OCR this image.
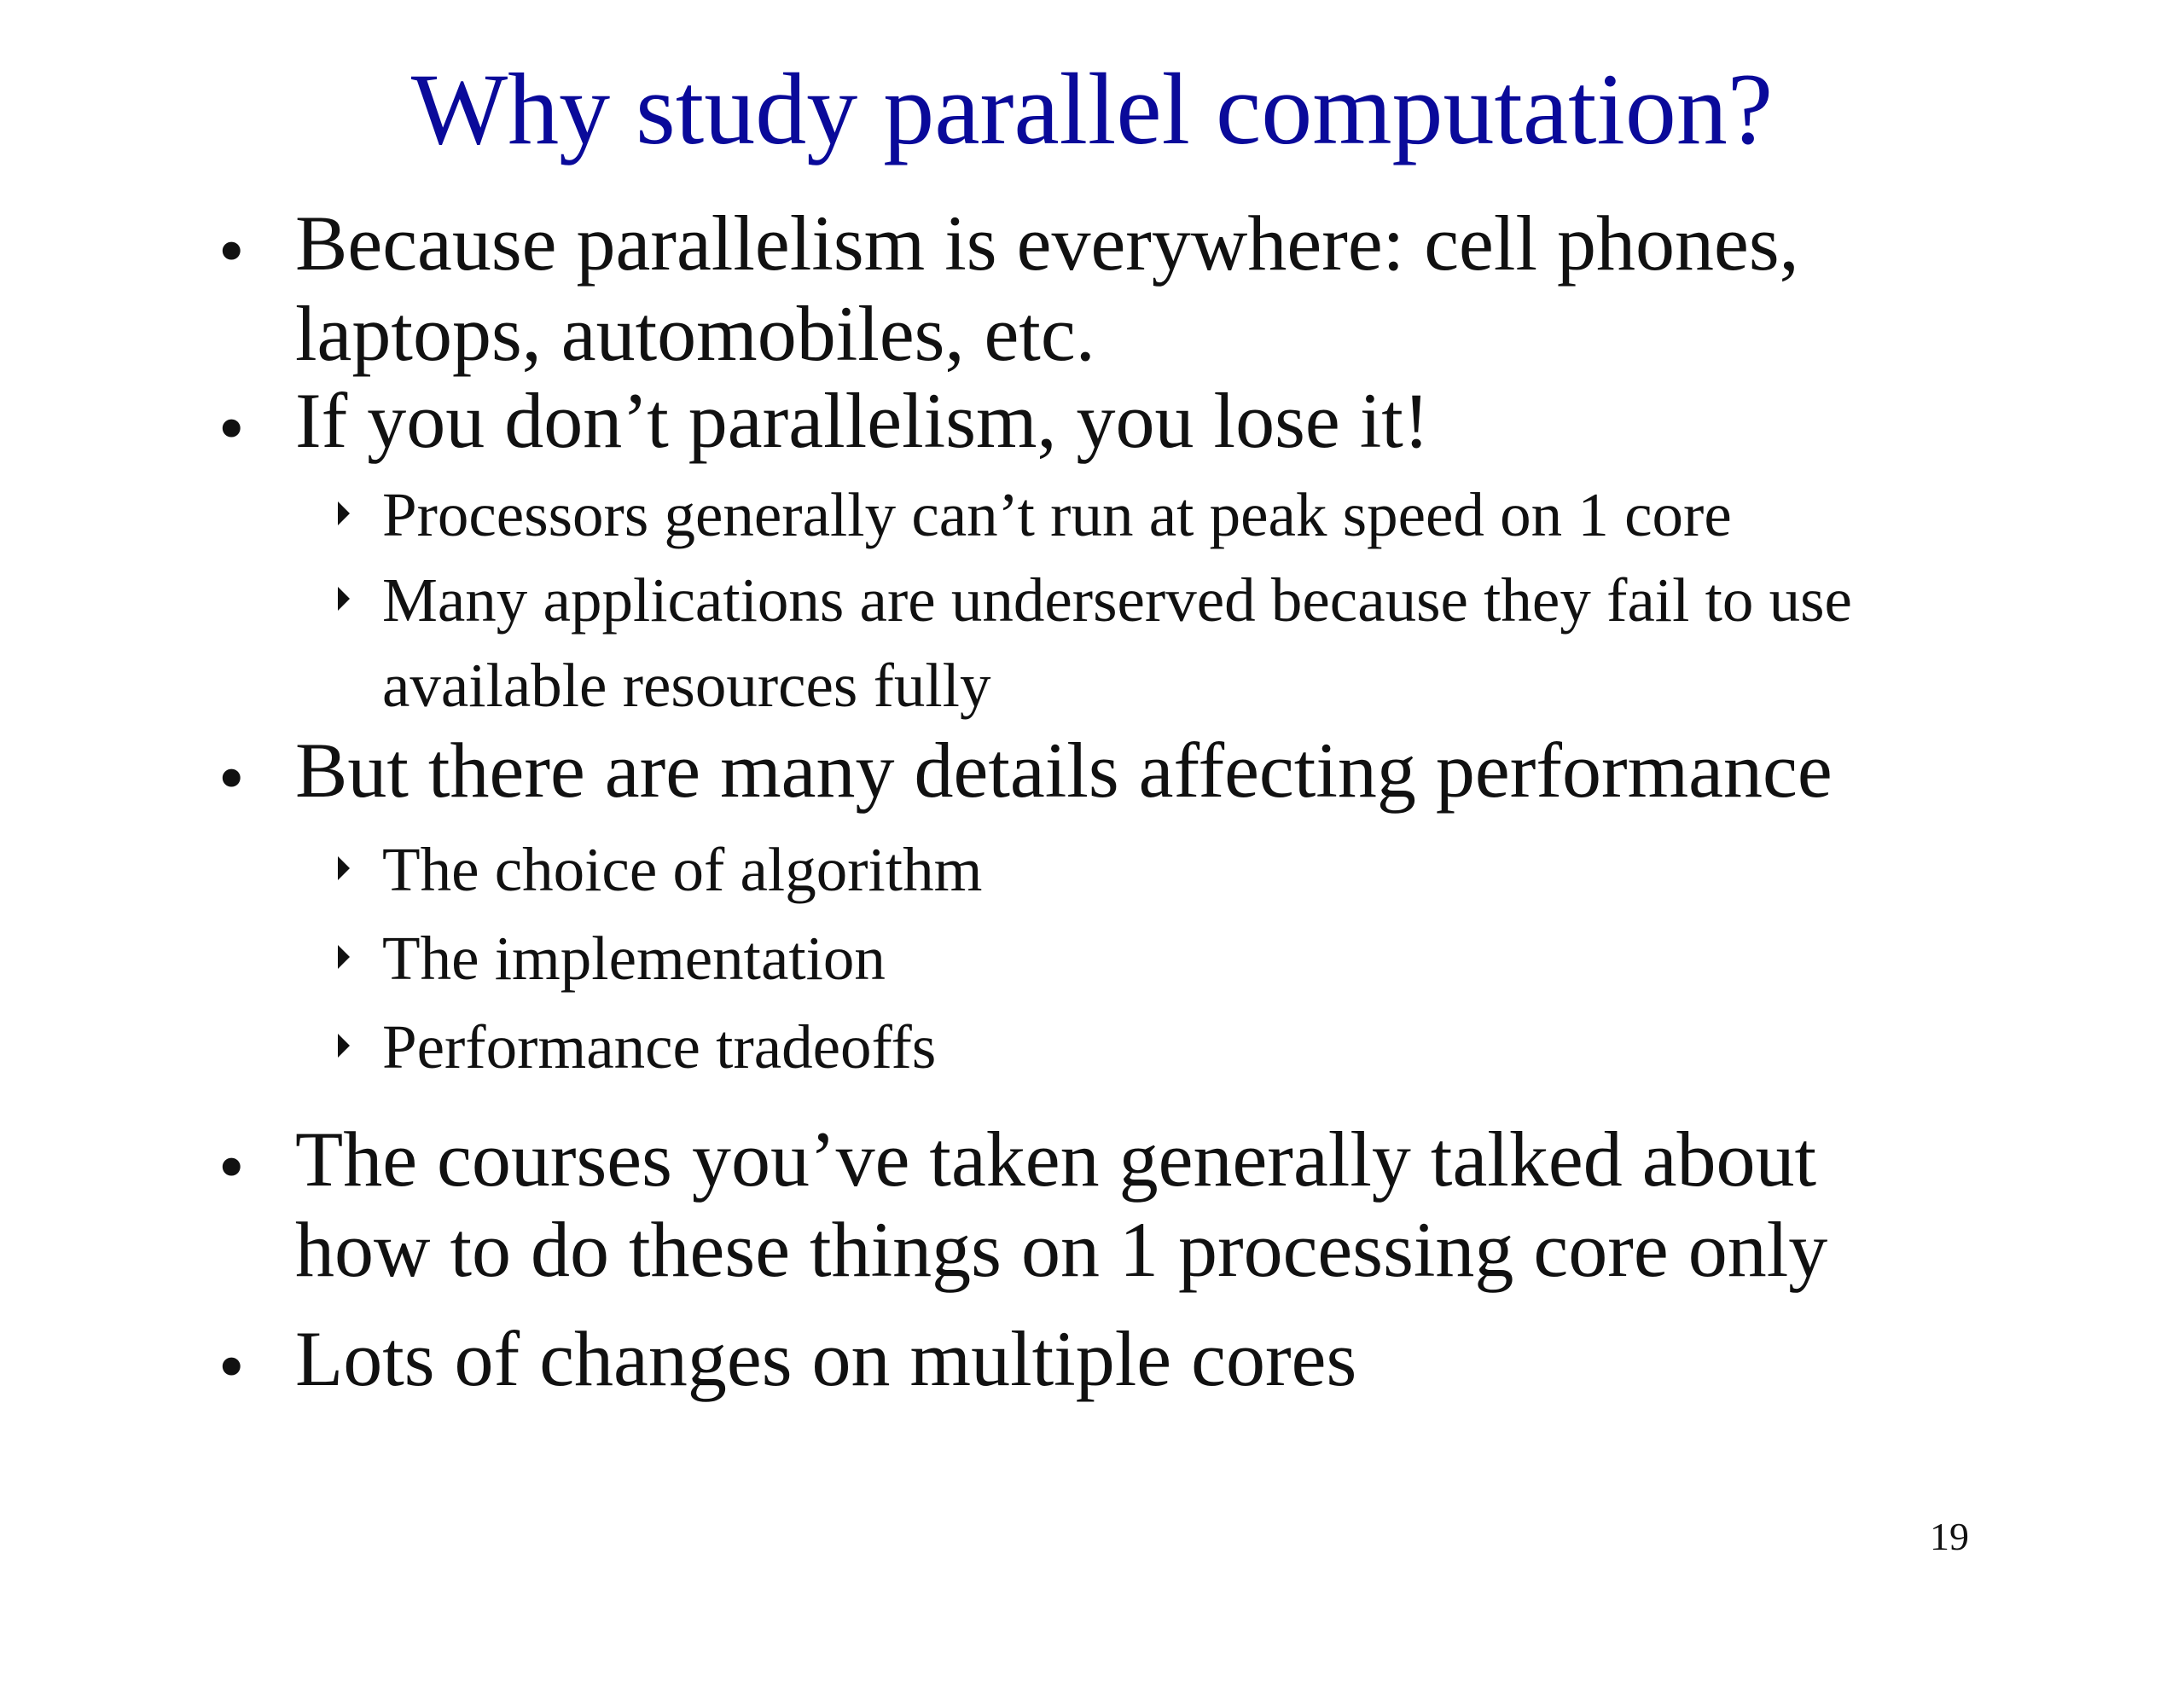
Why study parallel computation?
• Because parallelism is everywhere: cell phones,
laptops, automobiles, etc.
• If you don’t parallelism, you lose it!
Processors generally can’t run at peak speed on 1 core
Many applications are underserved because they fail to use
available resources fully
• But there are many details affecting performance
The choice of algorithm
The implementation
Performance tradeoffs
• The courses you’ve taken generally talked about
how to do these things on 1 processing core only
• Lots of changes on multiple cores
19
